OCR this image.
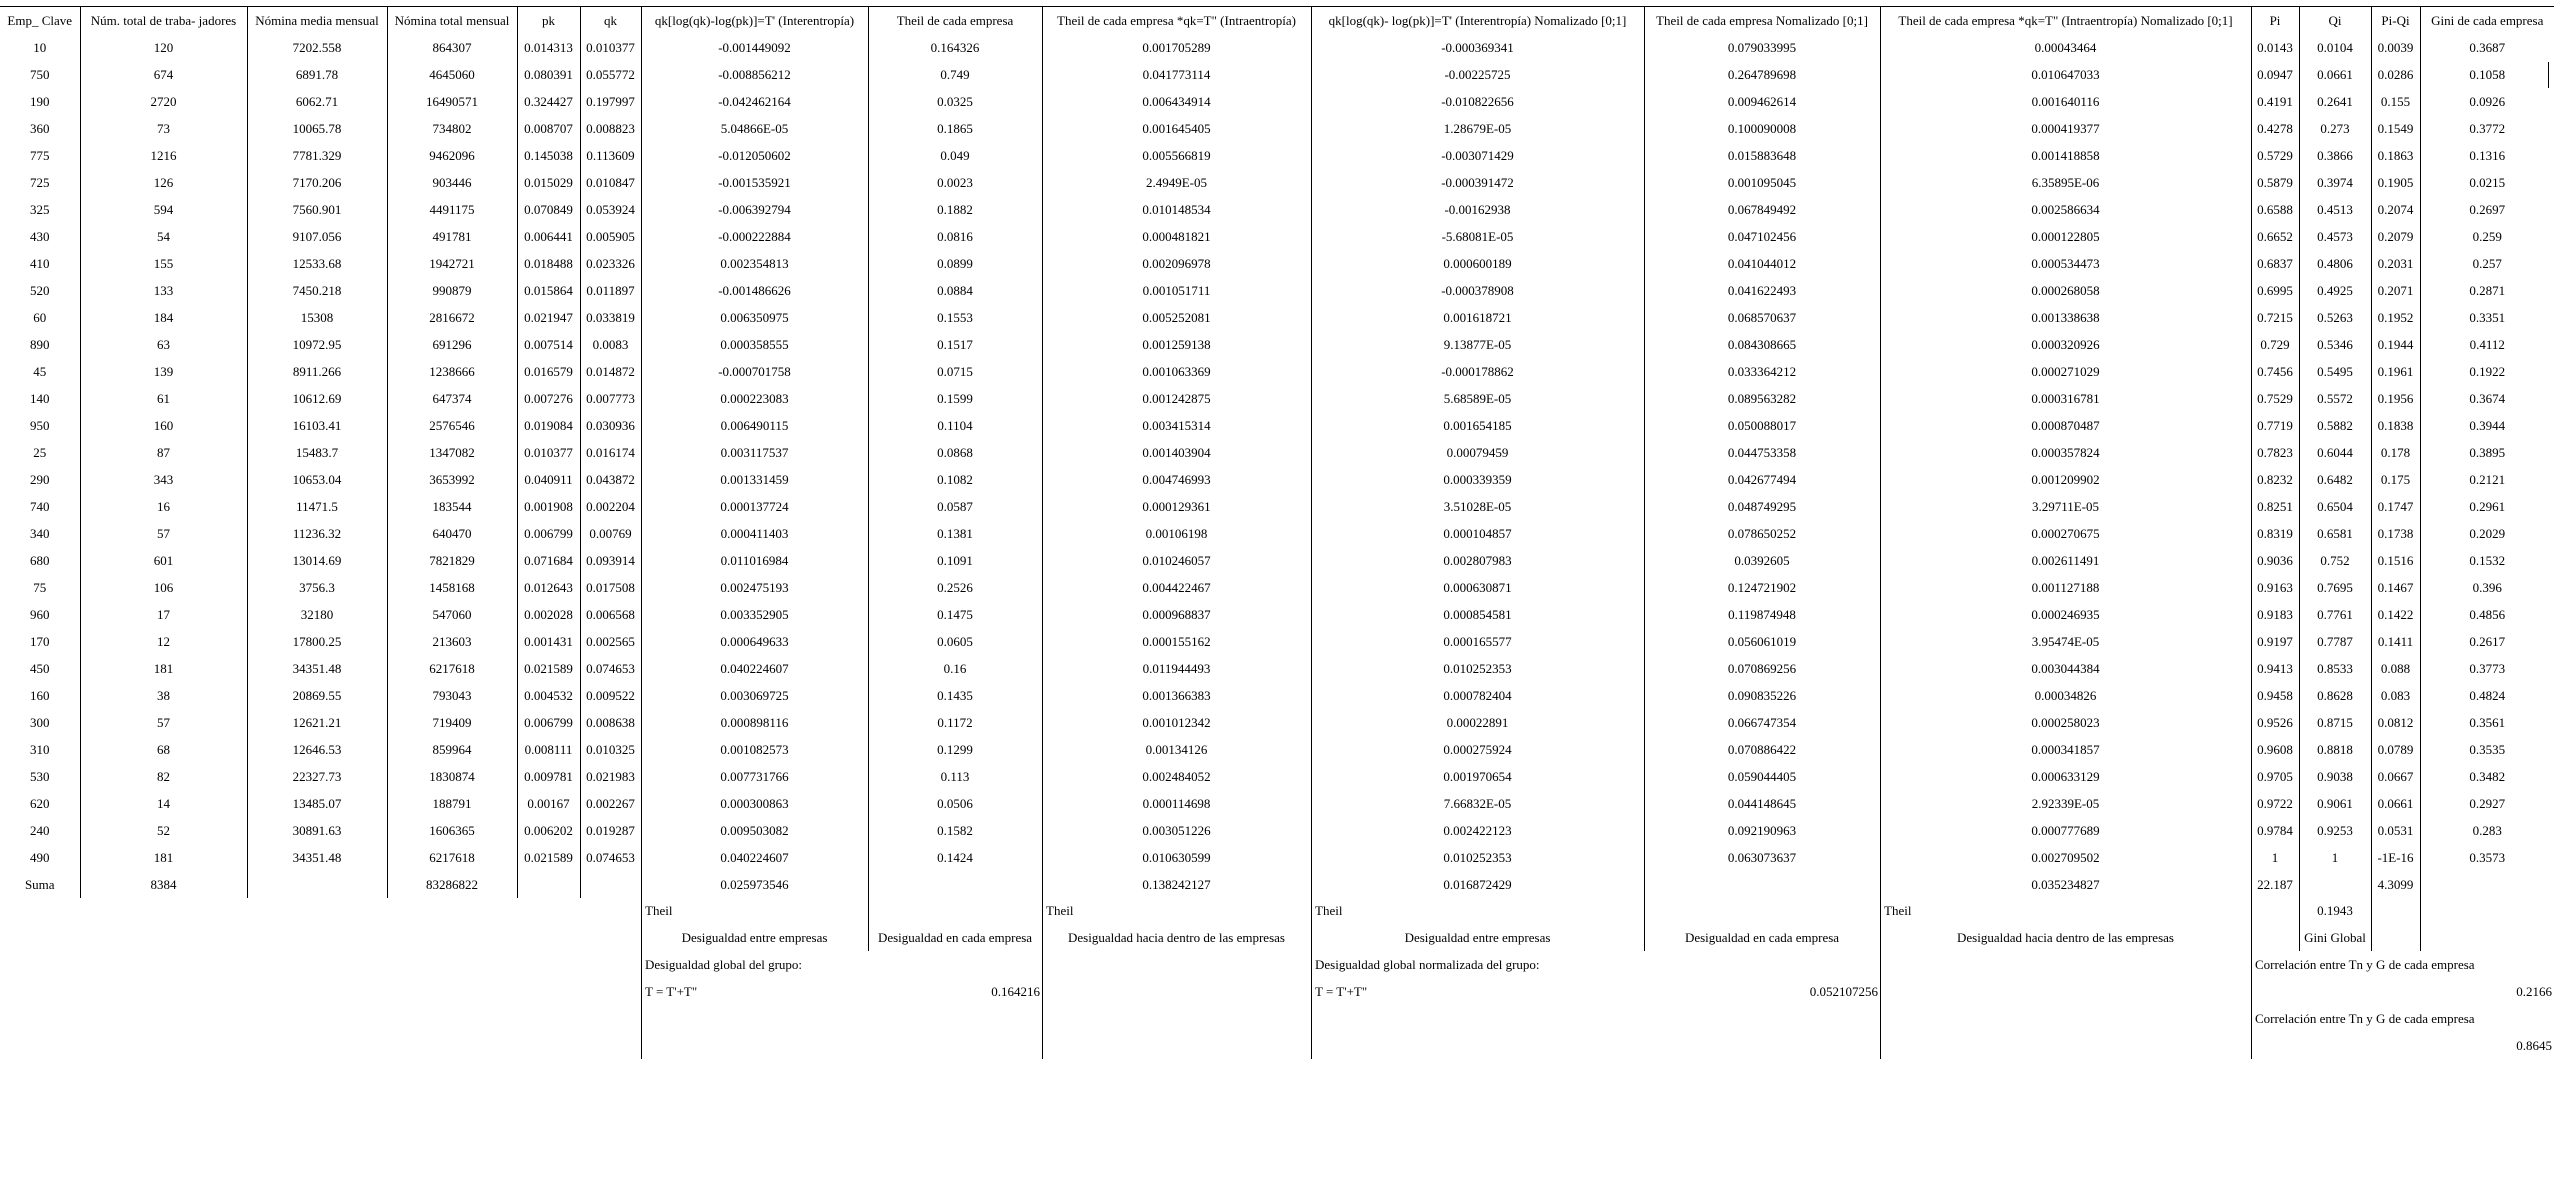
Emp_ Clave	Núm. total de traba- jadores	Nómina media mensual	Nómina total mensual	pk	qk	qk[log(qk)-log(pk)]=T' (Interentropía)	Theil de cada empresa	Theil de cada empresa *qk=T" (Intraentropía)	qk[log(qk)- log(pk)]=T' (Interentropía) Nomalizado [0;1]	Theil de cada empresa Nomalizado [0;1]	Theil de cada empresa *qk=T" (Intraentropía) Nomalizado [0;1]	Pi	Qi	Pi-Qi	Gini de cada empresa
10	120	7202.558	864307	0.014313	0.010377	-0.001449092	0.164326	0.001705289	-0.000369341	0.079033995	0.00043464	0.0143	0.0104	0.0039	0.3687
750	674	6891.78	4645060	0.080391	0.055772	-0.008856212	0.749	0.041773114	-0.00225725	0.264789698	0.010647033	0.0947	0.0661	0.0286	0.1058
190	2720	6062.71	16490571	0.324427	0.197997	-0.042462164	0.0325	0.006434914	-0.010822656	0.009462614	0.001640116	0.4191	0.2641	0.155	0.0926
360	73	10065.78	734802	0.008707	0.008823	5.04866E-05	0.1865	0.001645405	1.28679E-05	0.100090008	0.000419377	0.4278	0.273	0.1549	0.3772
775	1216	7781.329	9462096	0.145038	0.113609	-0.012050602	0.049	0.005566819	-0.003071429	0.015883648	0.001418858	0.5729	0.3866	0.1863	0.1316
725	126	7170.206	903446	0.015029	0.010847	-0.001535921	0.0023	2.4949E-05	-0.000391472	0.001095045	6.35895E-06	0.5879	0.3974	0.1905	0.0215
325	594	7560.901	4491175	0.070849	0.053924	-0.006392794	0.1882	0.010148534	-0.00162938	0.067849492	0.002586634	0.6588	0.4513	0.2074	0.2697
430	54	9107.056	491781	0.006441	0.005905	-0.000222884	0.0816	0.000481821	-5.68081E-05	0.047102456	0.000122805	0.6652	0.4573	0.2079	0.259
410	155	12533.68	1942721	0.018488	0.023326	0.002354813	0.0899	0.002096978	0.000600189	0.041044012	0.000534473	0.6837	0.4806	0.2031	0.257
520	133	7450.218	990879	0.015864	0.011897	-0.001486626	0.0884	0.001051711	-0.000378908	0.041622493	0.000268058	0.6995	0.4925	0.2071	0.2871
60	184	15308	2816672	0.021947	0.033819	0.006350975	0.1553	0.005252081	0.001618721	0.068570637	0.001338638	0.7215	0.5263	0.1952	0.3351
890	63	10972.95	691296	0.007514	0.0083	0.000358555	0.1517	0.001259138	9.13877E-05	0.084308665	0.000320926	0.729	0.5346	0.1944	0.4112
45	139	8911.266	1238666	0.016579	0.014872	-0.000701758	0.0715	0.001063369	-0.000178862	0.033364212	0.000271029	0.7456	0.5495	0.1961	0.1922
140	61	10612.69	647374	0.007276	0.007773	0.000223083	0.1599	0.001242875	5.68589E-05	0.089563282	0.000316781	0.7529	0.5572	0.1956	0.3674
950	160	16103.41	2576546	0.019084	0.030936	0.006490115	0.1104	0.003415314	0.001654185	0.050088017	0.000870487	0.7719	0.5882	0.1838	0.3944
25	87	15483.7	1347082	0.010377	0.016174	0.003117537	0.0868	0.001403904	0.00079459	0.044753358	0.000357824	0.7823	0.6044	0.178	0.3895
290	343	10653.04	3653992	0.040911	0.043872	0.001331459	0.1082	0.004746993	0.000339359	0.042677494	0.001209902	0.8232	0.6482	0.175	0.2121
740	16	11471.5	183544	0.001908	0.002204	0.000137724	0.0587	0.000129361	3.51028E-05	0.048749295	3.29711E-05	0.8251	0.6504	0.1747	0.2961
340	57	11236.32	640470	0.006799	0.00769	0.000411403	0.1381	0.00106198	0.000104857	0.078650252	0.000270675	0.8319	0.6581	0.1738	0.2029
680	601	13014.69	7821829	0.071684	0.093914	0.011016984	0.1091	0.010246057	0.002807983	0.0392605	0.002611491	0.9036	0.752	0.1516	0.1532
75	106	3756.3	1458168	0.012643	0.017508	0.002475193	0.2526	0.004422467	0.000630871	0.124721902	0.001127188	0.9163	0.7695	0.1467	0.396
960	17	32180	547060	0.002028	0.006568	0.003352905	0.1475	0.000968837	0.000854581	0.119874948	0.000246935	0.9183	0.7761	0.1422	0.4856
170	12	17800.25	213603	0.001431	0.002565	0.000649633	0.0605	0.000155162	0.000165577	0.056061019	3.95474E-05	0.9197	0.7787	0.1411	0.2617
450	181	34351.48	6217618	0.021589	0.074653	0.040224607	0.16	0.011944493	0.010252353	0.070869256	0.003044384	0.9413	0.8533	0.088	0.3773
160	38	20869.55	793043	0.004532	0.009522	0.003069725	0.1435	0.001366383	0.000782404	0.090835226	0.00034826	0.9458	0.8628	0.083	0.4824
300	57	12621.21	719409	0.006799	0.008638	0.000898116	0.1172	0.001012342	0.00022891	0.066747354	0.000258023	0.9526	0.8715	0.0812	0.3561
310	68	12646.53	859964	0.008111	0.010325	0.001082573	0.1299	0.00134126	0.000275924	0.070886422	0.000341857	0.9608	0.8818	0.0789	0.3535
530	82	22327.73	1830874	0.009781	0.021983	0.007731766	0.113	0.002484052	0.001970654	0.059044405	0.000633129	0.9705	0.9038	0.0667	0.3482
620	14	13485.07	188791	0.00167	0.002267	0.000300863	0.0506	0.000114698	7.66832E-05	0.044148645	2.92339E-05	0.9722	0.9061	0.0661	0.2927
240	52	30891.63	1606365	0.006202	0.019287	0.009503082	0.1582	0.003051226	0.002422123	0.092190963	0.000777689	0.9784	0.9253	0.0531	0.283
490	181	34351.48	6217618	0.021589	0.074653	0.040224607	0.1424	0.010630599	0.010252353	0.063073637	0.002709502	1	1	-1E-16	0.3573
Suma	8384		83286822			0.025973546		0.138242127	0.016872429		0.035234827	22.187		4.3099	
Theil	Theil
Desigualdad entre empresas	Desigualdad en cada empresa	Desigualdad hacia dentro de las empresas
Desigualdad global del grupo:
T = T'+T"	0.164216
Theil	Theil
Desigualdad entre empresas	Desigualdad en cada empresa	Desigualdad hacia dentro de las empresas
Desigualdad global normalizada del grupo:
T = T'+T"	0.052107256
0.1943
Gini Global
Correlación entre Tn y G de cada empresa
0.2166
Correlación entre Tn y G de cada empresa
0.8645
